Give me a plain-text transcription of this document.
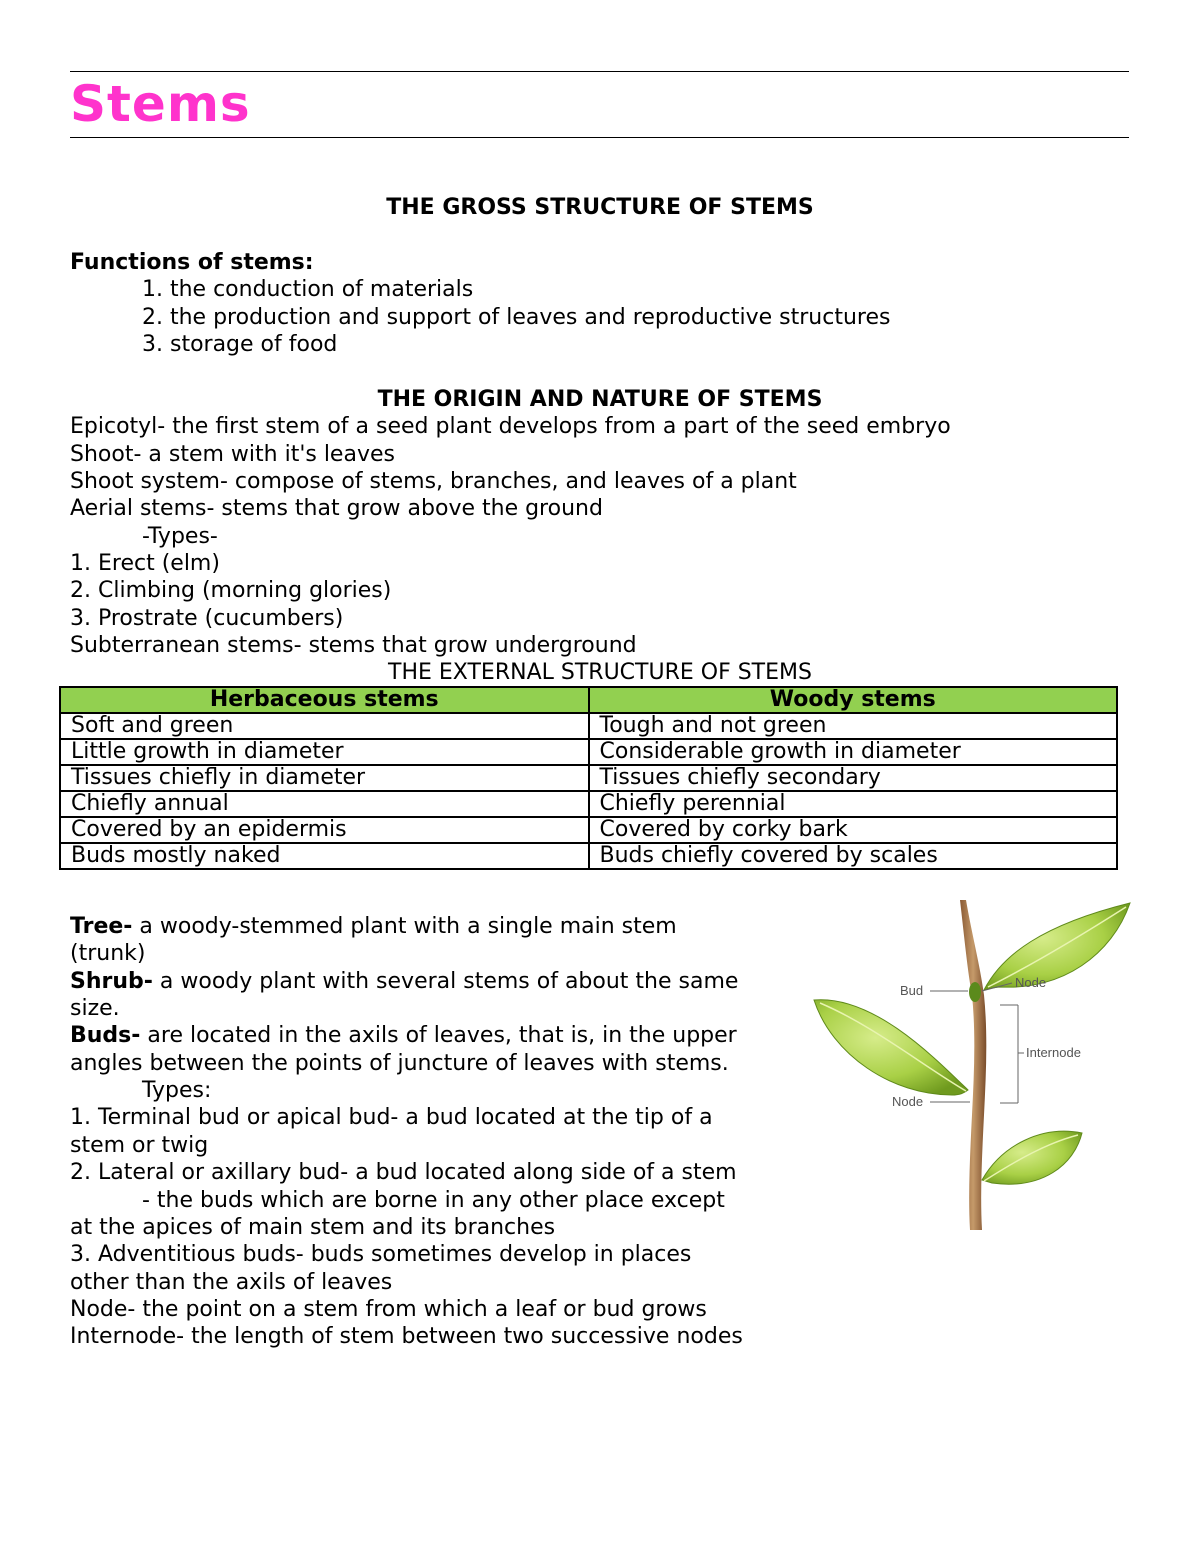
Stems

THE GROSS STRUCTURE OF STEMS

Functions of stems:

1. the conduction of materials

2. the production and support of leaves and reproductive structures

3. storage of food

THE ORIGIN AND NATURE OF STEMS

Epicotyl- the first stem of a seed plant develops from a part of the seed embryo

Shoot- a stem with it's leaves

Shoot system- compose of stems, branches, and leaves of a plant

Aerial stems- stems that grow above the ground

-Types-

1. Erect (elm)

2. Climbing (morning glories)

3. Prostrate (cucumbers)

Subterranean stems- stems that grow underground

THE EXTERNAL STRUCTURE OF STEMS

Herbaceous stems	Woody stems
Soft and green	Tough and not green
Little growth in diameter	Considerable growth in diameter
Tissues chiefly in diameter	Tissues chiefly secondary
Chiefly annual	Chiefly perennial
Covered by an epidermis	Covered by corky bark
Buds mostly naked	Buds chiefly covered by scales

Tree- a woody-stemmed plant with a single main stem

(trunk)

Shrub- a woody plant with several stems of about the same

size.

Buds- are located in the axils of leaves, that is, in the upper

angles between the points of juncture of leaves with stems.

Types:

1. Terminal bud or apical bud- a bud located at the tip of a

stem or twig

2. Lateral or axillary bud- a bud located along side of a stem

- the buds which are borne in any other place except

at the apices of main stem and its branches

3. Adventitious buds- buds sometimes develop in places

other than the axils of leaves

Node- the point on a stem from which a leaf or bud grows

Internode- the length of stem between two successive nodes

Bud
Node
Internode
Node
